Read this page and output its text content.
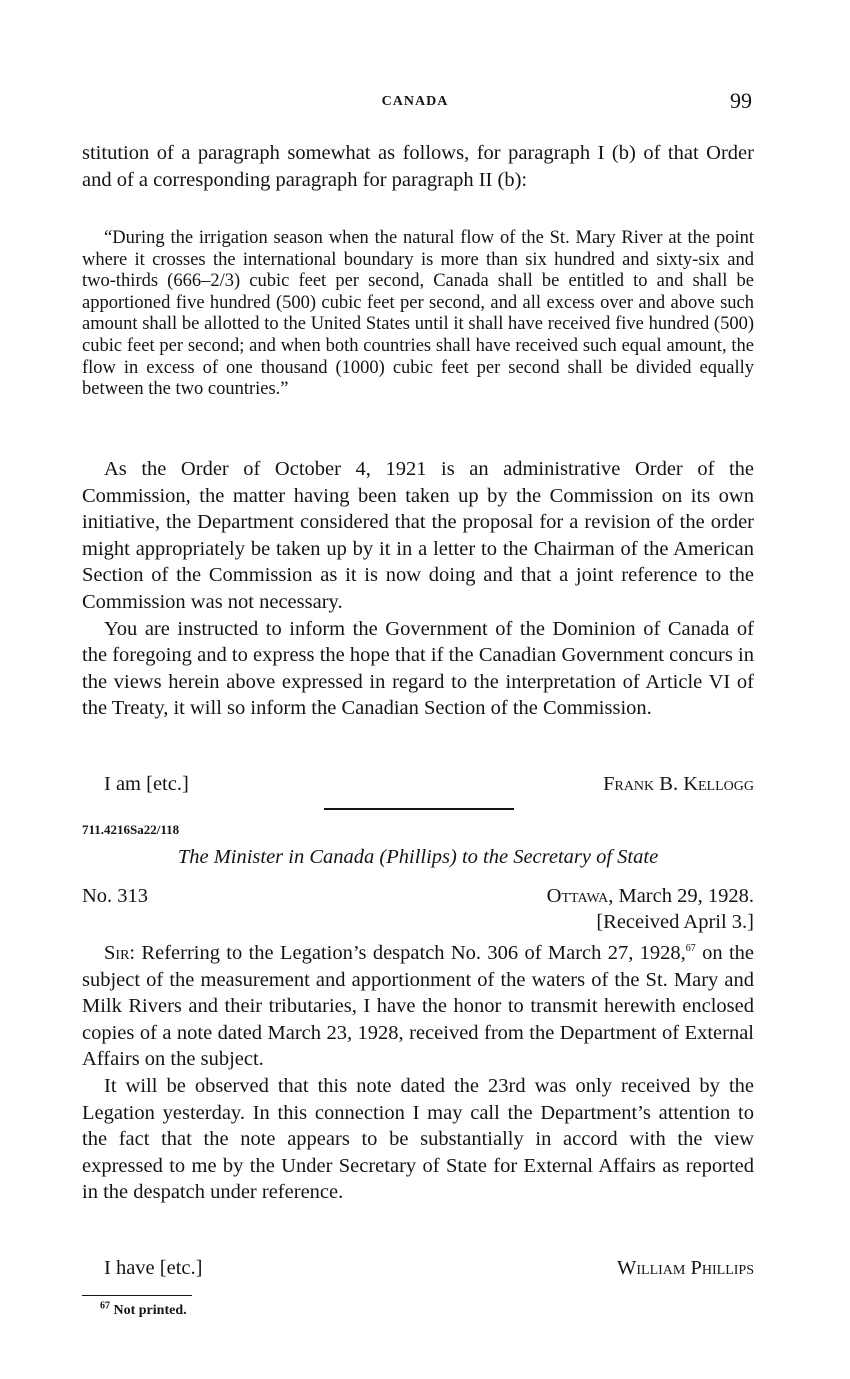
CANADA	99

stitution of a paragraph somewhat as follows, for paragraph I (b) of that Order and of a corresponding paragraph for paragraph II (b):

“During the irrigation season when the natural flow of the St. Mary River at the point where it crosses the international boundary is more than six hundred and sixty-six and two-thirds (666–2/3) cubic feet per second, Canada shall be entitled to and shall be apportioned five hundred (500) cubic feet per second, and all excess over and above such amount shall be allotted to the United States until it shall have received five hundred (500) cubic feet per second; and when both countries shall have received such equal amount, the flow in excess of one thousand (1000) cubic feet per second shall be divided equally between the two countries.”

As the Order of October 4, 1921 is an administrative Order of the Commission, the matter having been taken up by the Commission on its own initiative, the Department considered that the proposal for a revision of the order might appropriately be taken up by it in a letter to the Chairman of the American Section of the Commission as it is now doing and that a joint reference to the Commission was not necessary.

You are instructed to inform the Government of the Dominion of Canada of the foregoing and to express the hope that if the Canadian Government concurs in the views herein above expressed in regard to the interpretation of Article VI of the Treaty, it will so inform the Canadian Section of the Commission.

I am [etc.]	Frank B. Kellogg
711.4216Sa22/118
The Minister in Canada (Phillips) to the Secretary of State
No. 313	Ottawa, March 29, 1928.
[Received April 3.]

Sir: Referring to the Legation’s despatch No. 306 of March 27, 1928,67 on the subject of the measurement and apportionment of the waters of the St. Mary and Milk Rivers and their tributaries, I have the honor to transmit herewith enclosed copies of a note dated March 23, 1928, received from the Department of External Affairs on the subject.

It will be observed that this note dated the 23rd was only received by the Legation yesterday. In this connection I may call the Department’s attention to the fact that the note appears to be substantially in accord with the view expressed to me by the Under Secretary of State for External Affairs as reported in the despatch under reference.

I have [etc.]	William Phillips
$^{67}$ Not printed.
